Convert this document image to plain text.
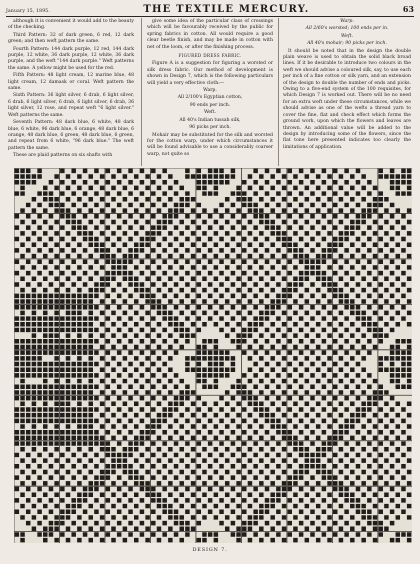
January 15, 1895.	THE TEXTILE MERCURY.	63

although it is convenient it would add to the beauty of the checking.

Third Pattern: 32 of dark green, 6 red, 12 dark green; and then weft pattern the same.

Fourth Pattern: 144 dark purple, 12 red, 144 dark purple, 12 white, 36 dark purple, 12 white, 36 dark purple, and the weft "144 dark purple." Weft patterns the same. A yellow might be used for the red.

Fifth Pattern: 48 light cream, 12 marine blue, 48 light cream, 12 damask or coral. Weft pattern the same.

Sixth Pattern: 36 light silver, 6 drab, 6 light silver, 6 drab, 6 light silver, 6 drab, 6 light silver, 6 drab, 36 light silver, 12 rose, and repeat weft "6 light silver." Weft patterns the same.

Seventh Pattern: 48 dark blue, 6 white, 48 dark blue, 6 white, 96 dark blue, 6 orange, 48 dark blue, 6 orange, 48 dark blue, 6 green, 48 dark blue, 6 green, and repeat from 6 white, "96 dark blue." The weft pattern the same.

These are plaid patterns on six shafts with

give some idea of the particular class of crossings which will be favourably received by the public for spring fabrics in cotton. All would require a good clear beetle finish, and may be made in cotton with net of the loom, or after the finishing process.

FIGURED DRESS FABRIC.

Figure A is a suggestion for figuring a worsted or silk dress fabric. Our method of development is shown in Design 7, which is the following particulars will yield a very effective cloth:—

Warp.

All 2/100's Egyptian cotton,

90 ends per inch.

Weft.

All 40's Indian tussah silk,

96 picks per inch.

Mohair may be substituted for the silk and worsted for the cotton warp, under which circumstances it will be found advisable to use a considerably coarser warp, not quite so

Warp.

All 2/60's worsted; 100 ends per in.

Weft.

All 40's mohair; 90 picks per inch.

It should be noted that in the design the double plain weave is used to obtain the solid black broad lines. If it be desirable to introduce two colours in the weft we should advise a coloured silk, say, to use each per inch of a fine cotton or silk yarn, and an extension of the design to double the number of ends and picks. Owing to a five-end system of the 100 requisites, for which Design 7 is worked out. There will be no need for an extra weft under these circumstances, while we should advise as one of the wefts a thread yarn to cover the fine, flat and check effect which forms the ground work, upon which the flowers and leaves are thrown. An additional value will be added to the design by introducing some of the flowers, since the flat tone here presented indicates too clearly the limitations of application.

DESIGN 7.
